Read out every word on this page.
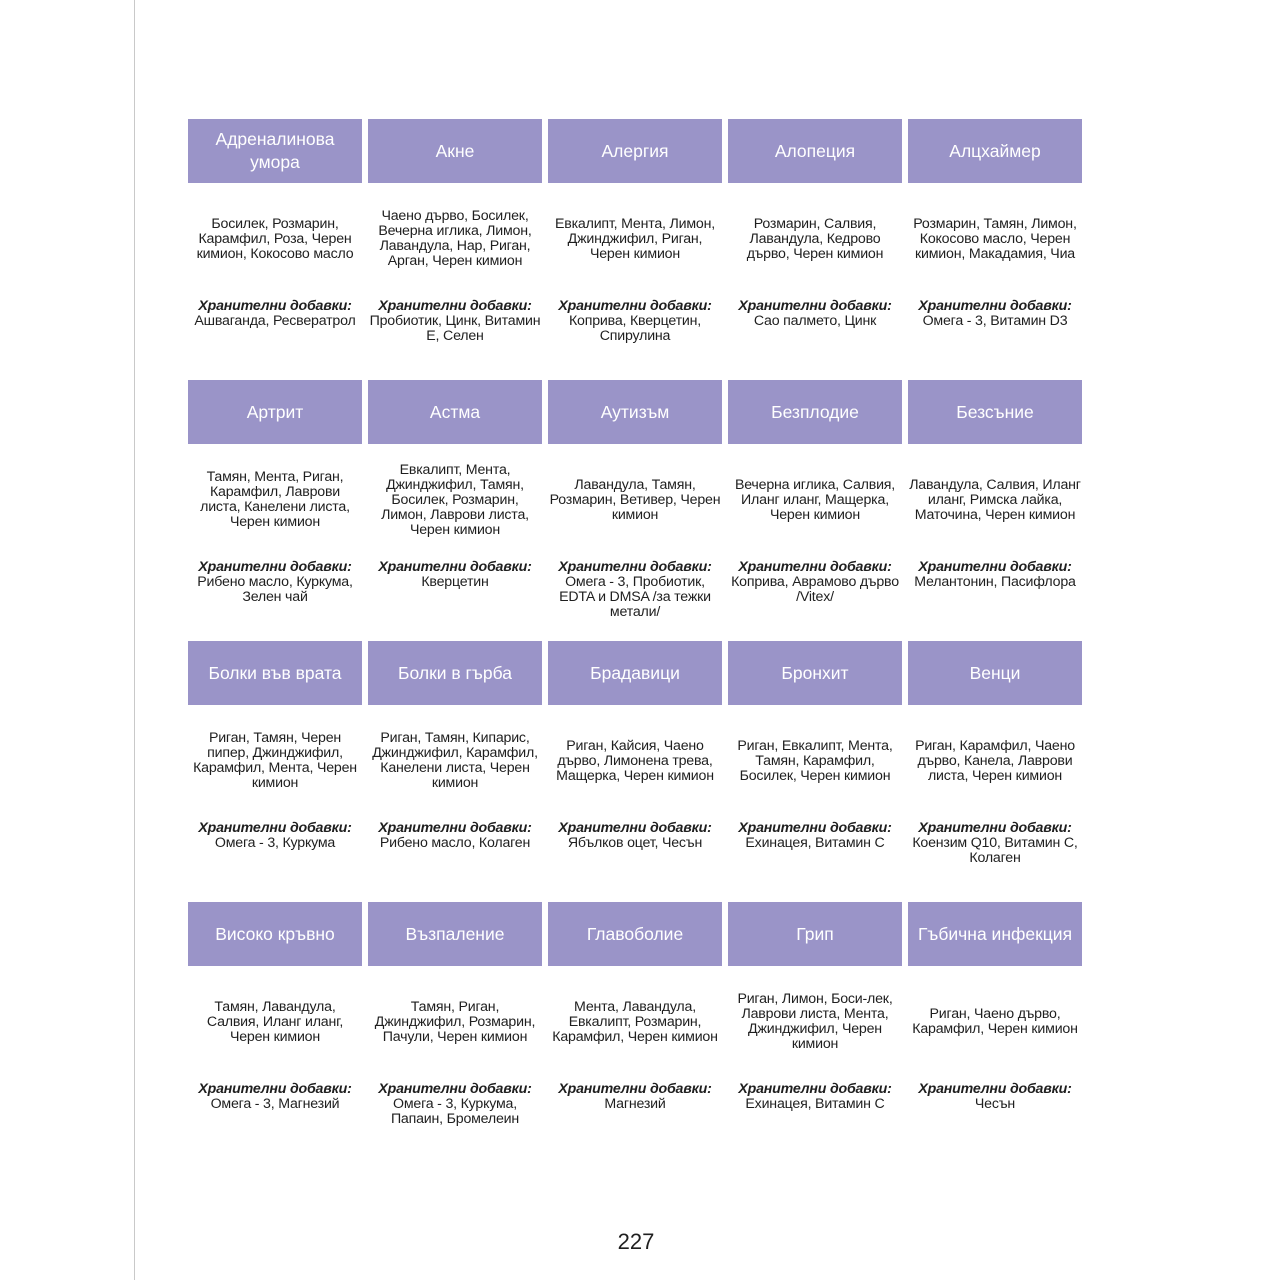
Адреналинова умора
Босилек, Розмарин, Карамфил, Роза, Черен кимион, Кокосово масло
Хранителни добавки:
Ашваганда, Ресвератрол
Акне
Чаено дърво, Босилек, Вечерна иглика, Лимон, Лавандула, Нар, Риган, Арган, Черен кимион
Хранителни добавки:
Пробиотик, Цинк, Витамин Е, Селен
Алергия
Евкалипт, Мента, Лимон, Джинджифил, Риган, Черен кимион
Хранителни добавки:
Коприва, Кверцетин, Спирулина
Алопеция
Розмарин, Салвия, Лавандула, Кедрово дърво, Черен кимион
Хранителни добавки:
Сао палмето, Цинк
Алцхаймер
Розмарин, Тамян, Лимон, Кокосово масло, Черен кимион, Макадамия, Чиа
Хранителни добавки:
Омега - 3, Витамин D3
Артрит
Тамян, Мента, Риган, Карамфил, Лаврови листа, Канелени листа, Черен кимион
Хранителни добавки:
Рибено масло, Куркума, Зелен чай
Астма
Евкалипт, Мента, Джинджифил, Тамян, Босилек, Розмарин, Лимон, Лаврови листа, Черен кимион
Хранителни добавки:
Кверцетин
Аутизъм
Лавандула, Тамян, Розмарин, Ветивер, Черен кимион
Хранителни добавки:
Омега - 3, Пробиотик, EDTA и DMSA /за тежки метали/
Безплодие
Вечерна иглика, Салвия, Иланг иланг, Мащерка, Черен кимион
Хранителни добавки:
Коприва, Аврамово дърво /Vitex/
Безсъние
Лавандула, Салвия, Иланг иланг, Римска лайка, Маточина, Черен кимион
Хранителни добавки:
Мелантонин, Пасифлора
Болки във врата
Риган, Тамян, Черен пипер, Джинджифил, Карамфил, Мента, Черен кимион
Хранителни добавки:
Омега - 3, Куркума
Болки в гърба
Риган, Тамян, Кипарис, Джинджифил, Карамфил, Канелени листа, Черен кимион
Хранителни добавки:
Рибено масло, Колаген
Брадавици
Риган, Кайсия, Чаено дърво, Лимонена трева, Мащерка, Черен кимион
Хранителни добавки:
Ябълков оцет, Чесън
Бронхит
Риган, Евкалипт, Мента, Тамян, Карамфил, Босилек, Черен кимион
Хранителни добавки:
Ехинацея, Витамин С
Венци
Риган, Карамфил, Чаено дърво, Канела, Лаврови листа, Черен кимион
Хранителни добавки:
Коензим Q10, Витамин С, Колаген
Високо кръвно
Тамян, Лавандула, Салвия, Иланг иланг, Черен кимион
Хранителни добавки:
Омега - 3, Магнезий
Възпаление
Тамян, Риган, Джинджифил, Розмарин, Пачули, Черен кимион
Хранителни добавки:
Омега - 3, Куркума, Папаин, Бромелеин
Главоболие
Мента, Лавандула, Евкалипт, Розмарин, Карамфил, Черен кимион
Хранителни добавки:
Магнезий
Грип
Риган, Лимон, Боси-лек, Лаврови листа, Мента, Джинджифил, Черен кимион
Хранителни добавки:
Ехинацея, Витамин С
Гъбична инфекция
Риган, Чаено дърво, Карамфил, Черен кимион
Хранителни добавки:
Чесън
227
